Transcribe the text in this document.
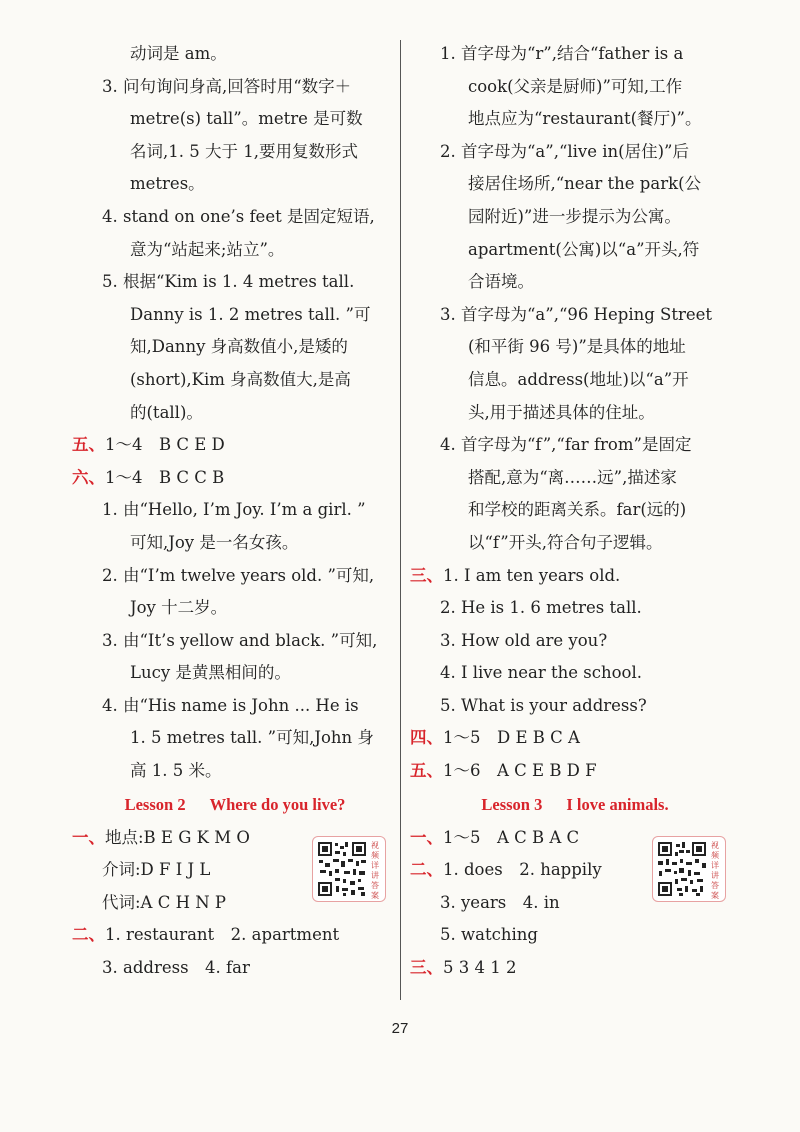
动词是 am。
3. 问句询问身高,回答时用“数字＋
metre(s) tall”。metre 是可数
名词,1. 5 大于 1,要用复数形式
metres。
4. stand on one’s feet 是固定短语,
意为“站起来;站立”。
5. 根据“Kim is 1. 4 metres tall.
Danny is 1. 2 metres tall. ”可
知,Danny 身高数值小,是矮的
(short),Kim 身高数值大,是高
的(tall)。
五、1～4　B C E D
六、1～4　B C C B
1. 由“Hello, I’m Joy. I’m a girl. ”
可知,Joy 是一名女孩。
2. 由“I’m twelve years old. ”可知,
Joy 十二岁。
3. 由“It’s yellow and black. ”可知,
Lucy 是黄黑相间的。
4. 由“His name is John ... He is
1. 5 metres tall. ”可知,John 身
高 1. 5 米。
Lesson 2 Where do you live?
一、地点:B E G K M O
介词:D F I J L
代词:A C H N P
二、1. restaurant　2. apartment
3. address　4. far
视频详讲答案
1. 首字母为“r”,结合“father is a
cook(父亲是厨师)”可知,工作
地点应为“restaurant(餐厅)”。
2. 首字母为“a”,“live in(居住)”后
接居住场所,“near the park(公
园附近)”进一步提示为公寓。
apartment(公寓)以“a”开头,符
合语境。
3. 首字母为“a”,“96 Heping Street
(和平街 96 号)”是具体的地址
信息。address(地址)以“a”开
头,用于描述具体的住址。
4. 首字母为“f”,“far from”是固定
搭配,意为“离……远”,描述家
和学校的距离关系。far(远的)
以“f”开头,符合句子逻辑。
三、1. I am ten years old.
2. He is 1. 6 metres tall.
3. How old are you?
4. I live near the school.
5. What is your address?
四、1～5　D E B C A
五、1～6　A C E B D F
Lesson 3 I love animals.
一、1～5　A C B A C
二、1. does　2. happily
3. years　4. in
5. watching
三、5 3 4 1 2
视频详讲答案
27
